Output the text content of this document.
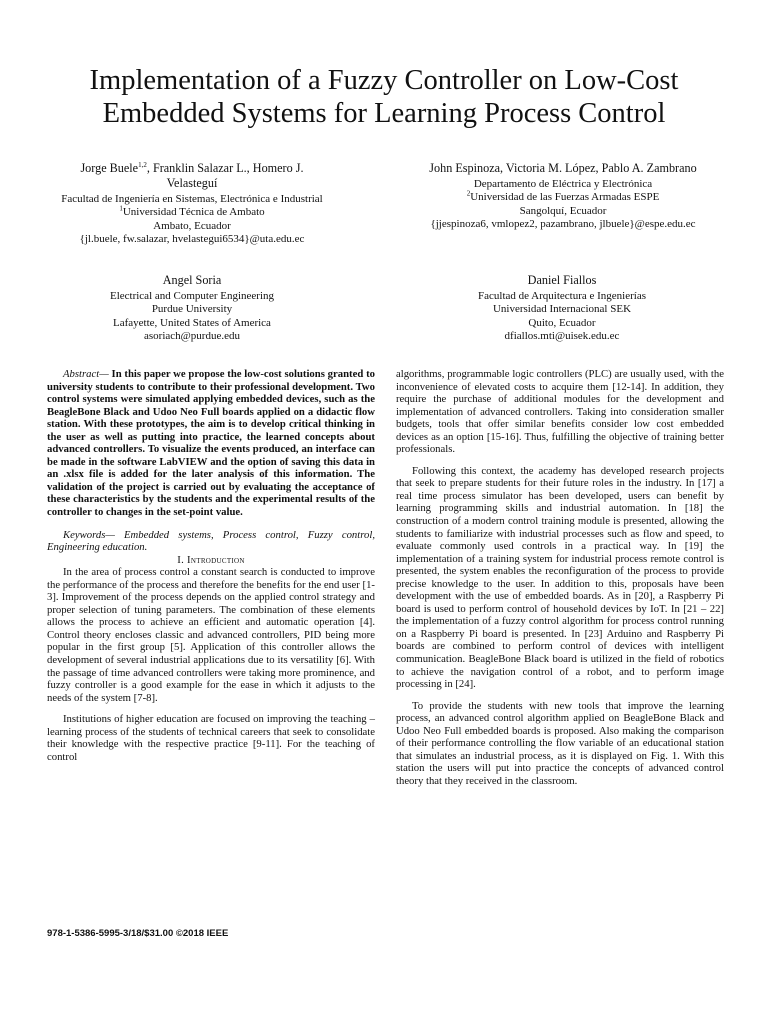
Implementation of a Fuzzy Controller on Low-Cost
Embedded Systems for Learning Process Control
Jorge Buele$^{1,2}$, Franklin Salazar L., Homero J.
Velasteguí
Facultad de Ingeniería en Sistemas, Electrónica e Industrial
$^1$Universidad Técnica de Ambato
Ambato, Ecuador
{jl.buele, fw.salazar, hvelastegui6534}@uta.edu.ec
John Espinoza, Victoria M. López, Pablo A. Zambrano
Departamento de Eléctrica y Electrónica
$^2$Universidad de las Fuerzas Armadas ESPE
Sangolquí, Ecuador
{jjespinoza6, vmlopez2, pazambrano, jlbuele}@espe.edu.ec
Angel Soria
Electrical and Computer Engineering
Purdue University
Lafayette, United States of America
asoriach@purdue.edu
Daniel Fiallos
Facultad de Arquitectura e Ingenierías
Universidad Internacional SEK
Quito, Ecuador
dfiallos.mti@uisek.edu.ec

Abstract— In this paper we propose the low-cost solutions granted to university students to contribute to their professional development. Two control systems were simulated applying embedded devices, such as the BeagleBone Black and Udoo Neo Full boards applied on a didactic flow station. With these prototypes, the aim is to develop critical thinking in the user as well as putting into practice, the learned concepts about advanced controllers. To visualize the events produced, an interface can be made in the software LabVIEW and the option of saving this data in an .xlsx file is added for the later analysis of this information. The validation of the project is carried out by evaluating the acceptance of these characteristics by the students and the experimental results of the controller to changes in the set-point value.

Keywords— Embedded systems, Process control, Fuzzy control, Engineering education.

I. Introduction

In the area of process control a constant search is conducted to improve the performance of the process and therefore the benefits for the end user [1-3]. Improvement of the process depends on the applied control strategy and proper selection of tuning parameters. The combination of these elements allows the process to achieve an efficient and automatic operation [4]. Control theory encloses classic and advanced controllers, PID being more popular in the first group [5]. Application of this controller allows the development of several industrial applications due to its versatility [6]. With the passage of time advanced controllers were taking more prominence, and fuzzy controller is a good example for the ease in which it adjusts to the needs of the system [7-8].

Institutions of higher education are focused on improving the teaching – learning process of the students of technical careers that seek to consolidate their knowledge with the respective practice [9-11]. For the teaching of control

algorithms, programmable logic controllers (PLC) are usually used, with the inconvenience of elevated costs to acquire them [12-14]. In addition, they require the purchase of additional modules for the development and implementation of advanced controllers. Taking into consideration smaller budgets, tools that offer similar benefits consider low cost embedded devices as an option [15-16]. Thus, fulfilling the objective of training better professionals.

Following this context, the academy has developed research projects that seek to prepare students for their future roles in the industry. In [17] a real time process simulator has been developed, users can benefit by learning programming skills and industrial automation. In [18] the construction of a modern control training module is presented, allowing the students to familiarize with industrial processes such as flow and speed, to evaluate commonly used controls in a practical way. In [19] the implementation of a training system for industrial process remote control is presented, the system enables the reconfiguration of the process to provide precise knowledge to the user. In addition to this, proposals have been development with the use of embedded boards. As in [20], a Raspberry Pi board is used to perform control of household devices by IoT. In [21 – 22] the implementation of a fuzzy control algorithm for process control running on a Raspberry Pi board is presented. In [23] Arduino and Raspberry Pi boards are combined to perform control of devices with intelligent communication. BeagleBone Black board is utilized in the field of robotics to achieve the navigation control of a robot, and to perform image processing in [24].

To provide the students with new tools that improve the learning process, an advanced control algorithm applied on BeagleBone Black and Udoo Neo Full embedded boards is proposed. Also making the comparison of their performance controlling the flow variable of an educational station that simulates an industrial process, as it is displayed on Fig. 1. With this station the users will put into practice the concepts of advanced control theory that they received in the classroom.

978-1-5386-5995-3/18/$31.00 ©2018 IEEE
